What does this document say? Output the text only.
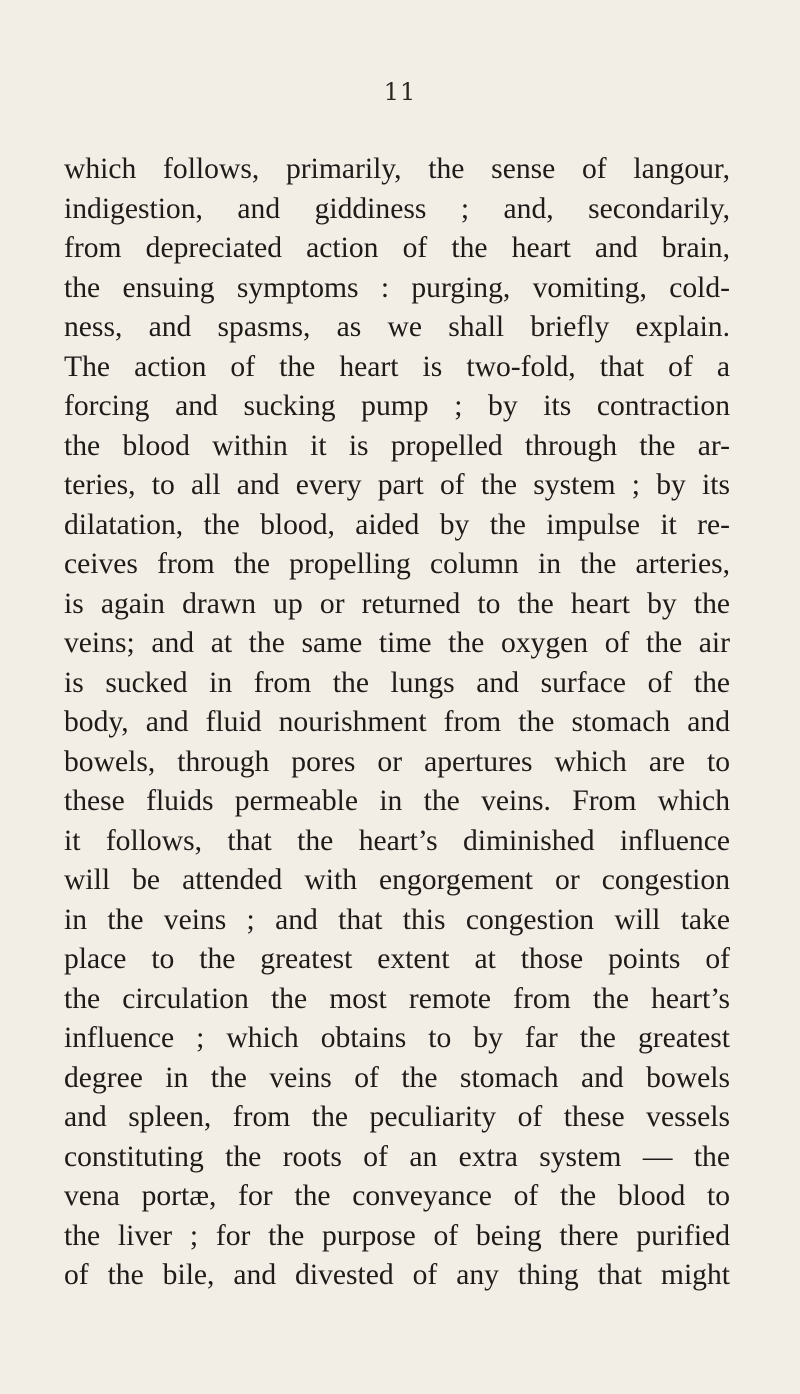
11
which follows, primarily, the sense of langour,
indigestion, and giddiness ; and, secondarily,
from depreciated action of the heart and brain,
the ensuing symptoms : purging, vomiting, cold-
ness, and spasms, as we shall briefly explain.
The action of the heart is two-fold, that of a
forcing and sucking pump ; by its contraction
the blood within it is propelled through the ar-
teries, to all and every part of the system ; by its
dilatation, the blood, aided by the impulse it re-
ceives from the propelling column in the arteries,
is again drawn up or returned to the heart by the
veins; and at the same time the oxygen of the air
is sucked in from the lungs and surface of the
body, and fluid nourishment from the stomach and
bowels, through pores or apertures which are to
these fluids permeable in the veins. From which
it follows, that the heart’s diminished influence
will be attended with engorgement or congestion
in the veins ; and that this congestion will take
place to the greatest extent at those points of
the circulation the most remote from the heart’s
influence ; which obtains to by far the greatest
degree in the veins of the stomach and bowels
and spleen, from the peculiarity of these vessels
constituting the roots of an extra system — the
vena portæ, for the conveyance of the blood to
the liver ; for the purpose of being there purified
of the bile, and divested of any thing that might
